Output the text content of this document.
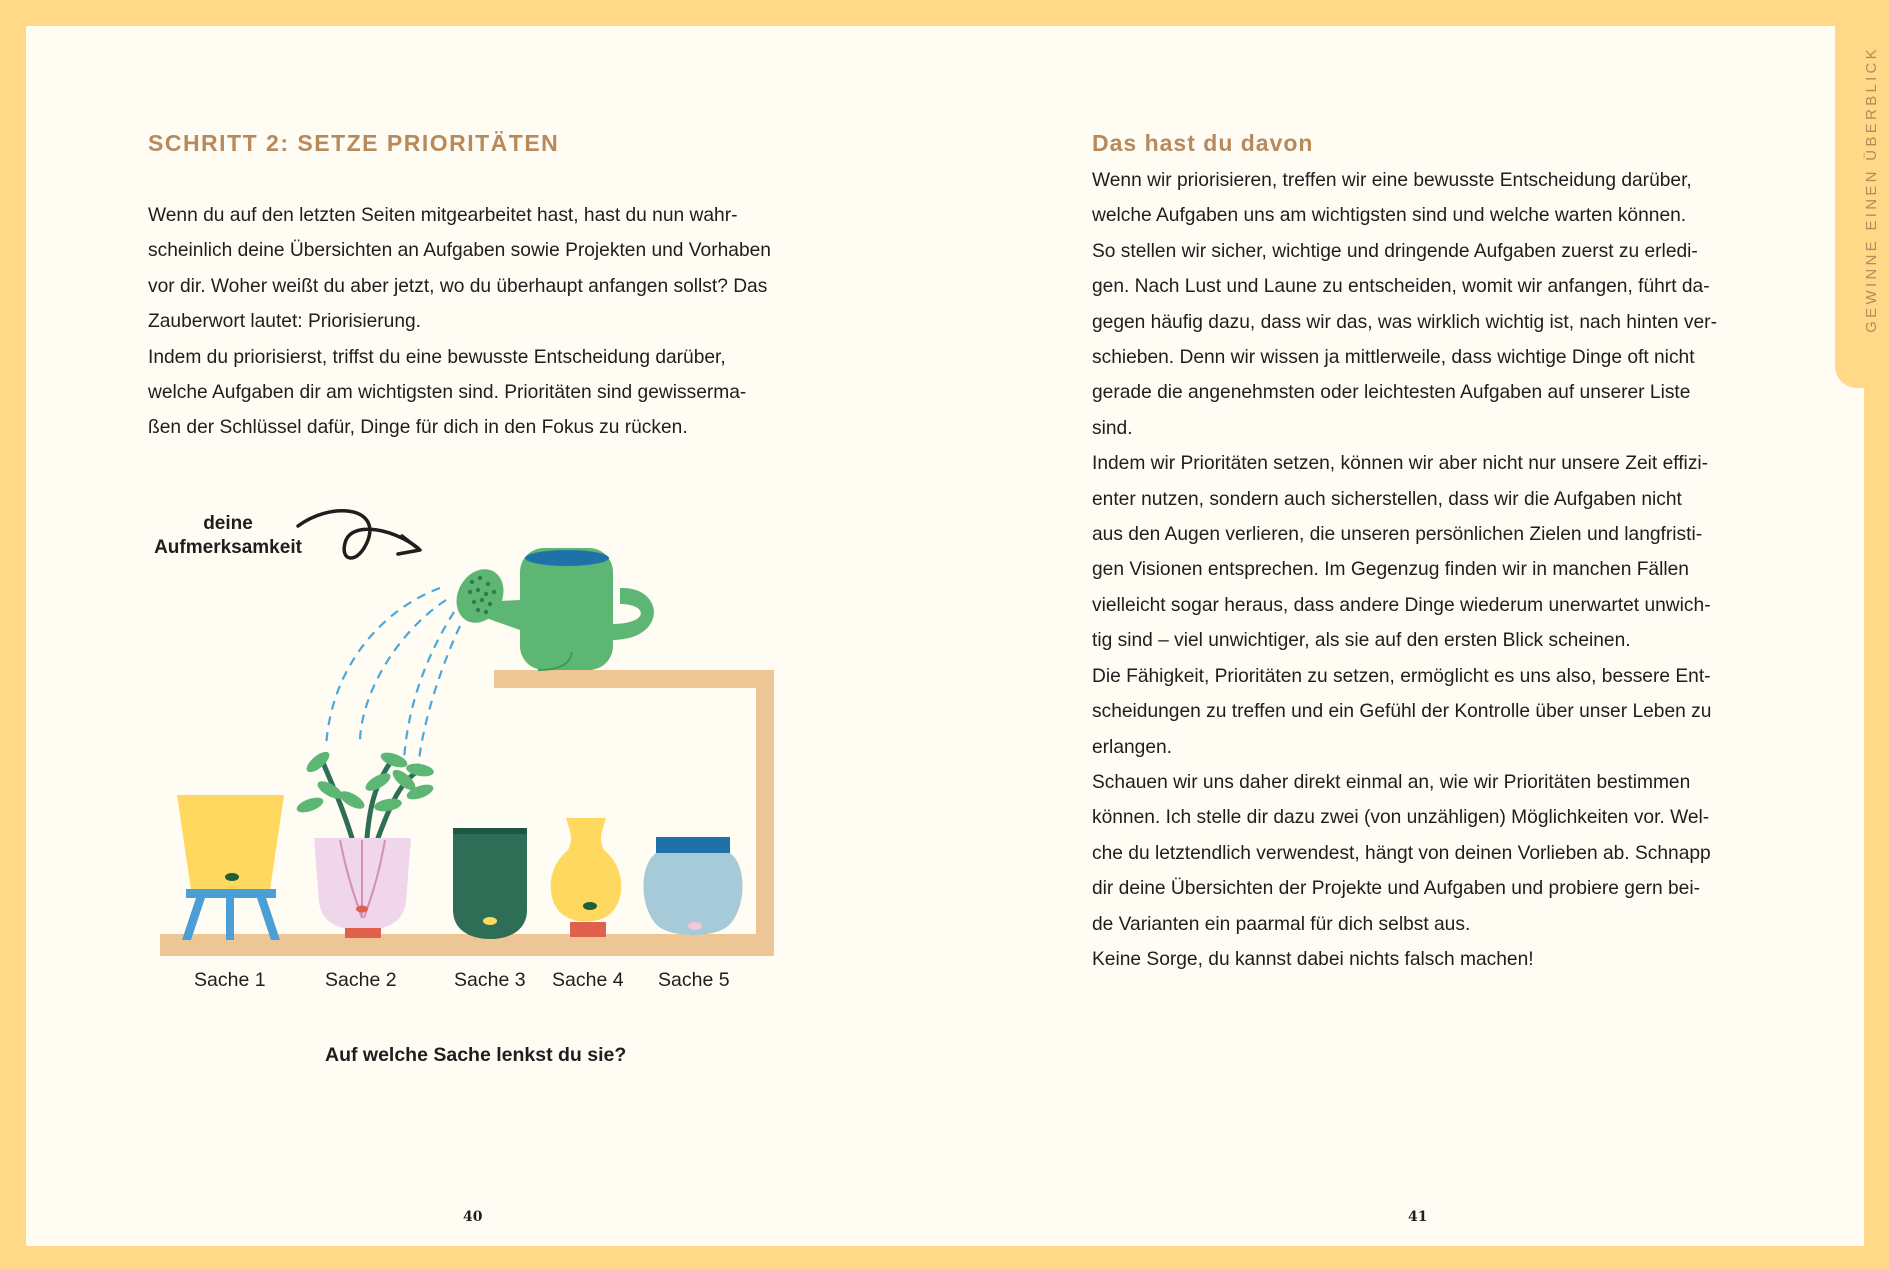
GEWINNE EINEN ÜBERBLICK
SCHRITT 2: SETZE PRIORITÄTEN

Wenn du auf den letzten Seiten mitgearbeitet hast, hast du nun wahr-

scheinlich deine Übersichten an Aufgaben sowie Projekten und Vorhaben

vor dir. Woher weißt du aber jetzt, wo du überhaupt anfangen sollst? Das

Zauberwort lautet: Priorisierung.

Indem du priorisierst, triffst du eine bewusste Entscheidung darüber,

welche Aufgaben dir am wichtigsten sind. Prioritäten sind gewisserma-

ßen der Schlüssel dafür, Dinge für dich in den Fokus zu rücken.

deine
Aufmerksamkeit
Sache 1	Sache 2	Sache 3 Sache 4 Sache 5
Auf welche Sache lenkst du sie?
40
Das hast du davon

Wenn wir priorisieren, treffen wir eine bewusste Entscheidung darüber,

welche Aufgaben uns am wichtigsten sind und welche warten können.

So stellen wir sicher, wichtige und dringende Aufgaben zuerst zu erledi-

gen. Nach Lust und Laune zu entscheiden, womit wir anfangen, führt da-

gegen häufig dazu, dass wir das, was wirklich wichtig ist, nach hinten ver-

schieben. Denn wir wissen ja mittlerweile, dass wichtige Dinge oft nicht

gerade die angenehmsten oder leichtesten Aufgaben auf unserer Liste

sind.

Indem wir Prioritäten setzen, können wir aber nicht nur unsere Zeit effizi-

enter nutzen, sondern auch sicherstellen, dass wir die Aufgaben nicht

aus den Augen verlieren, die unseren persönlichen Zielen und langfristi-

gen Visionen entsprechen. Im Gegenzug finden wir in manchen Fällen

vielleicht sogar heraus, dass andere Dinge wiederum unerwartet unwich-

tig sind – viel unwichtiger, als sie auf den ersten Blick scheinen.

Die Fähigkeit, Prioritäten zu setzen, ermöglicht es uns also, bessere Ent-

scheidungen zu treffen und ein Gefühl der Kontrolle über unser Leben zu

erlangen.

Schauen wir uns daher direkt einmal an, wie wir Prioritäten bestimmen

können. Ich stelle dir dazu zwei (von unzähligen) Möglichkeiten vor. Wel-

che du letztendlich verwendest, hängt von deinen Vorlieben ab. Schnapp

dir deine Übersichten der Projekte und Aufgaben und probiere gern bei-

de Varianten ein paarmal für dich selbst aus.

Keine Sorge, du kannst dabei nichts falsch machen!

41
